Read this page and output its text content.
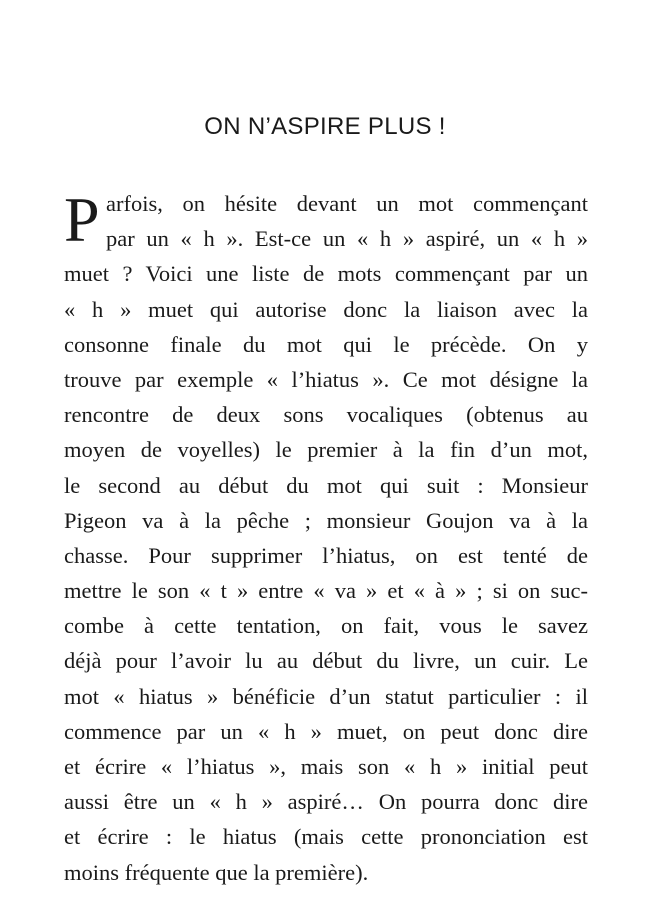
ON N’ASPIRE PLUS !
P arfois, on hésite devant un mot commençant
par un « h ». Est-ce un « h » aspiré, un « h »
muet ? Voici une liste de mots commençant par un
« h » muet qui autorise donc la liaison avec la
consonne finale du mot qui le précède. On y
trouve par exemple « l’hiatus ». Ce mot désigne la
rencontre de deux sons vocaliques (obtenus au
moyen de voyelles) le premier à la fin d’un mot,
le second au début du mot qui suit : Monsieur
Pigeon va à la pêche ; monsieur Goujon va à la
chasse. Pour supprimer l’hiatus, on est tenté de
mettre le son « t » entre « va » et « à » ; si on suc-
combe à cette tentation, on fait, vous le savez
déjà pour l’avoir lu au début du livre, un cuir. Le
mot « hiatus » bénéficie d’un statut particulier : il
commence par un « h » muet, on peut donc dire
et écrire « l’hiatus », mais son « h » initial peut
aussi être un « h » aspiré… On pourra donc dire
et écrire : le hiatus (mais cette prononciation est
moins fréquente que la première).
